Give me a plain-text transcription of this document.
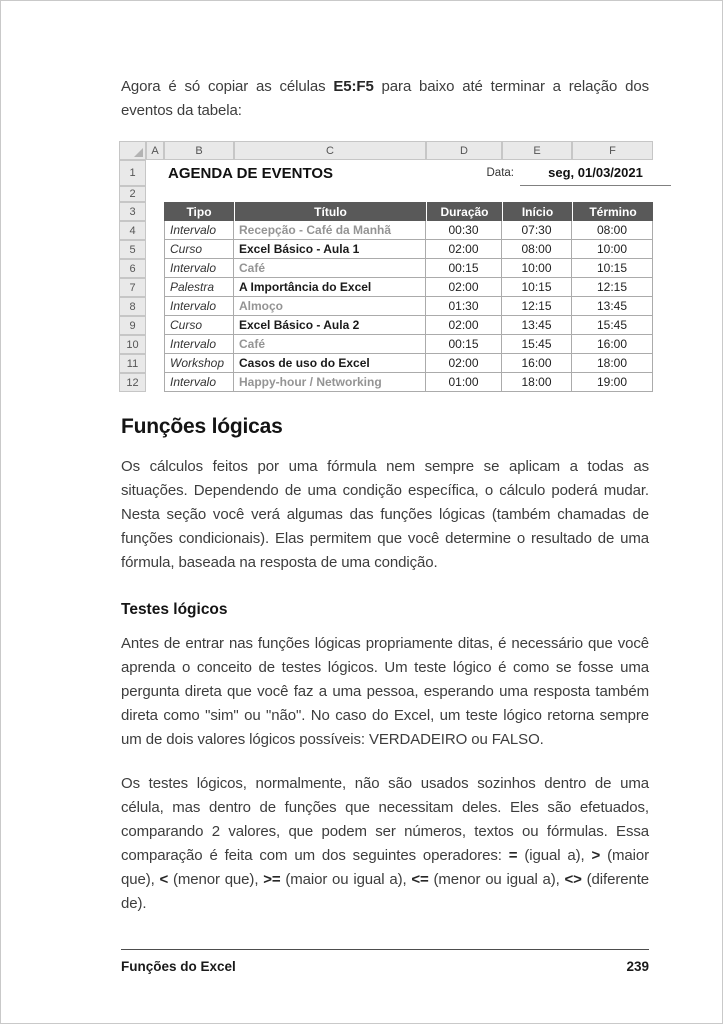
Agora é só copiar as células E5:F5 para baixo até terminar a relação dos eventos da tabela:

A	B	C	D	E	F
1	AGENDA DE EVENTOS	Data:	seg, 01/03/2021
2
3	Tipo	Título	Duração	Início	Término
4	Intervalo	Recepção - Café da Manhã	00:30	07:30	08:00
5	Curso	Excel Básico - Aula 1	02:00	08:00	10:00
6	Intervalo	Café	00:15	10:00	10:15
7	Palestra	A Importância do Excel	02:00	10:15	12:15
8	Intervalo	Almoço	01:30	12:15	13:45
9	Curso	Excel Básico - Aula 2	02:00	13:45	15:45
10	Intervalo	Café	00:15	15:45	16:00
11	Workshop	Casos de uso do Excel	02:00	16:00	18:00
12	Intervalo	Happy-hour / Networking	01:00	18:00	19:00
Funções lógicas

Os cálculos feitos por uma fórmula nem sempre se aplicam a todas as situações. Dependendo de uma condição específica, o cálculo poderá mudar. Nesta seção você verá algumas das funções lógicas (também chamadas de funções condicionais). Elas permitem que você determine o resultado de uma fórmula, baseada na resposta de uma condição.

Testes lógicos

Antes de entrar nas funções lógicas propriamente ditas, é necessário que você aprenda o conceito de testes lógicos. Um teste lógico é como se fosse uma pergunta direta que você faz a uma pessoa, esperando uma resposta também direta como "sim" ou "não". No caso do Excel, um teste lógico retorna sempre um de dois valores lógicos possíveis: VERDADEIRO ou FALSO.

Os testes lógicos, normalmente, não são usados sozinhos dentro de uma célula, mas dentro de funções que necessitam deles. Eles são efetuados, comparando 2 valores, que podem ser números, textos ou fórmulas. Essa comparação é feita com um dos seguintes operadores: = (igual a), > (maior que), < (menor que), >= (maior ou igual a), <= (menor ou igual a), <> (diferente de).

Funções do Excel	239
